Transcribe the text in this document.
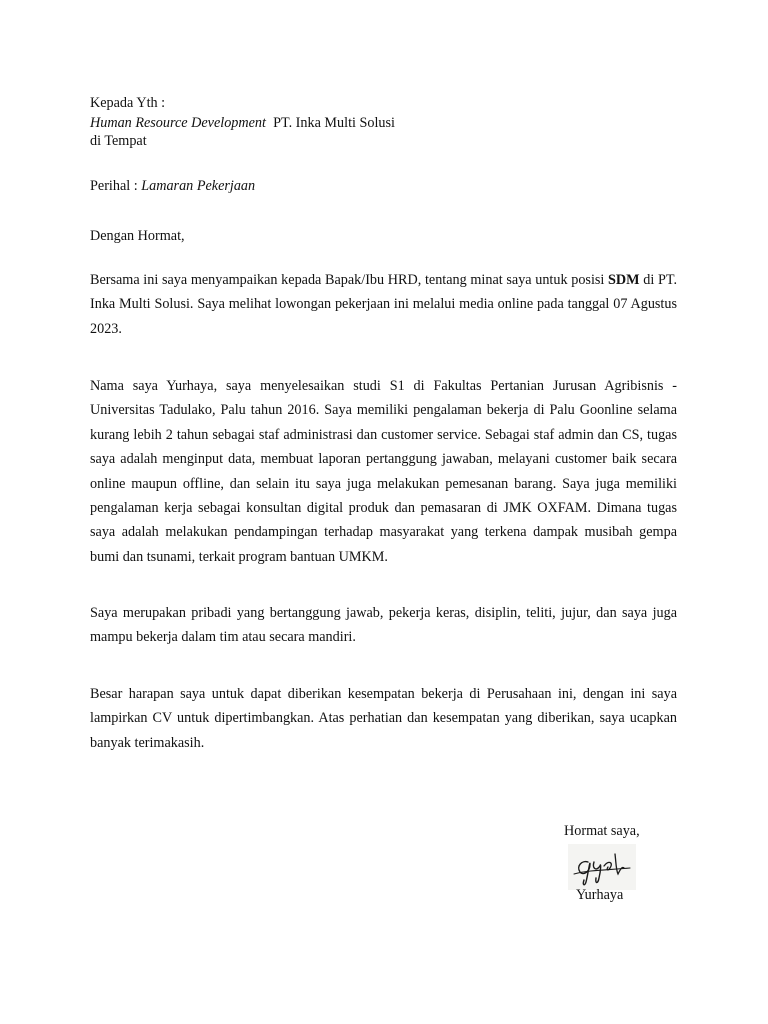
Kepada Yth :
Human Resource Development PT. Inka Multi Solusi
di Tempat
Perihal : Lamaran Pekerjaan
Dengan Hormat,

Bersama ini saya menyampaikan kepada Bapak/Ibu HRD, tentang minat saya untuk posisi SDM di PT. Inka Multi Solusi. Saya melihat lowongan pekerjaan ini melalui media online pada tanggal 07 Agustus 2023.

Nama saya Yurhaya, saya menyelesaikan studi S1 di Fakultas Pertanian Jurusan Agribisnis - Universitas Tadulako, Palu tahun 2016. Saya memiliki pengalaman bekerja di Palu Goonline selama kurang lebih 2 tahun sebagai staf administrasi dan customer service. Sebagai staf admin dan CS, tugas saya adalah menginput data, membuat laporan pertanggung jawaban, melayani customer baik secara online maupun offline, dan selain itu saya juga melakukan pemesanan barang. Saya juga memiliki pengalaman kerja sebagai konsultan digital produk dan pemasaran di JMK OXFAM. Dimana tugas saya adalah melakukan pendampingan terhadap masyarakat yang terkena dampak musibah gempa bumi dan tsunami, terkait program bantuan UMKM.

Saya merupakan pribadi yang bertanggung jawab, pekerja keras, disiplin, teliti, jujur, dan saya juga mampu bekerja dalam tim atau secara mandiri.

Besar harapan saya untuk dapat diberikan kesempatan bekerja di Perusahaan ini, dengan ini saya lampirkan CV untuk dipertimbangkan. Atas perhatian dan kesempatan yang diberikan, saya ucapkan banyak terimakasih.

Hormat saya,
Yurhaya
